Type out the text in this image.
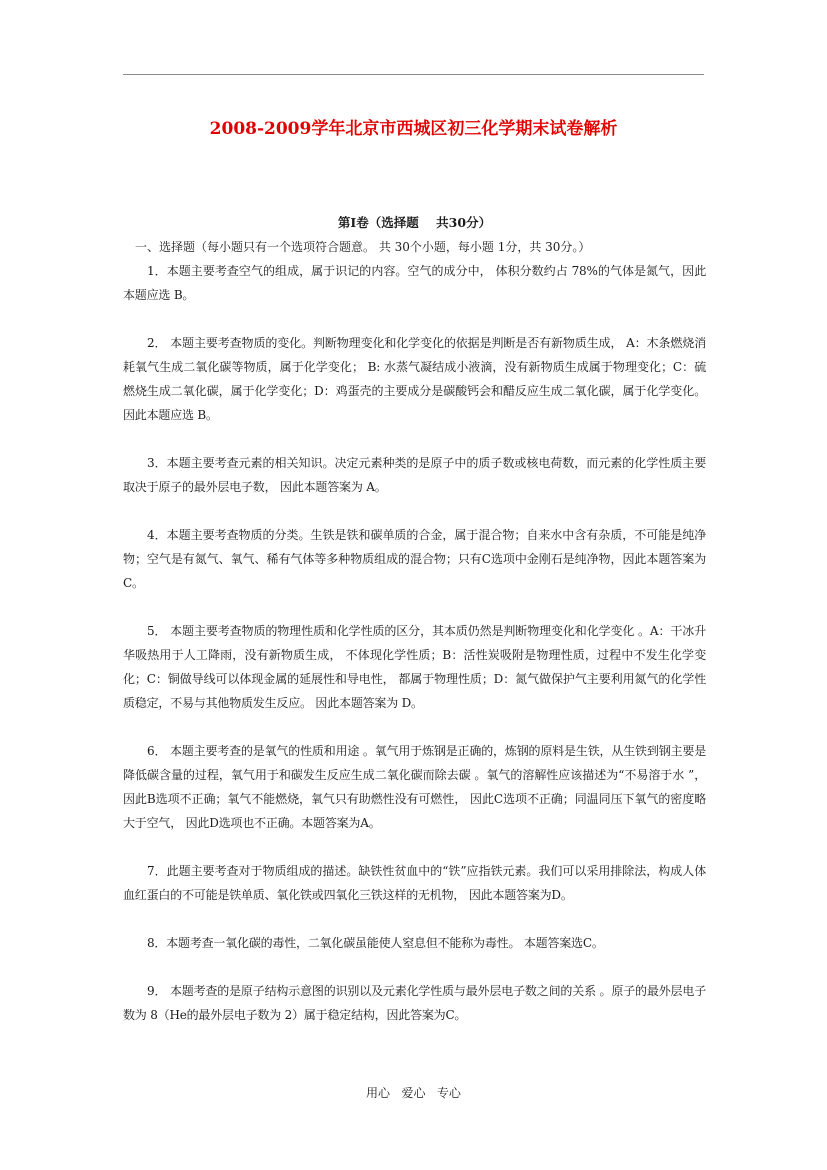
2008-2009学年北京市西城区初三化学期末试卷解析

第Ⅰ卷（选择题    共30分）

一、选择题（每小题只有一个选项符合题意。 共 30个小题，每小题 1分，共 30分。）

1．本题主要考查空气的组成，属于识记的内容。空气的成分中， 体积分数约占 78%的气体是氮气，因此本题应选 B。

2． 本题主要考查物质的变化。判断物理变化和化学变化的依据是判断是否有新物质生成， A：木条燃烧消耗氧气生成二氧化碳等物质，属于化学变化； B: 水蒸气凝结成小液滴，没有新物质生成属于物理变化；C：硫燃烧生成二氧化碳，属于化学变化；D：鸡蛋壳的主要成分是碳酸钙会和醋反应生成二氧化碳，属于化学变化。 因此本题应选 B。

3．本题主要考查元素的相关知识。决定元素种类的是原子中的质子数或核电荷数，而元素的化学性质主要取决于原子的最外层电子数， 因此本题答案为 A。

4．本题主要考查物质的分类。生铁是铁和碳单质的合金，属于混合物；自来水中含有杂质，不可能是纯净物；空气是有氮气、氧气、稀有气体等多种物质组成的混合物；只有C选项中金刚石是纯净物，因此本题答案为C。

5． 本题主要考查物质的物理性质和化学性质的区分，其本质仍然是判断物理变化和化学变化 。A：干冰升华吸热用于人工降雨，没有新物质生成， 不体现化学性质；B：活性炭吸附是物理性质，过程中不发生化学变化；C：铜做导线可以体现金属的延展性和导电性， 都属于物理性质；D：氮气做保护气主要利用氮气的化学性质稳定，不易与其他物质发生反应。 因此本题答案为 D。

6． 本题主要考查的是氧气的性质和用途 。氧气用于炼钢是正确的，炼钢的原料是生铁，从生铁到钢主要是降低碳含量的过程，氧气用于和碳发生反应生成二氧化碳而除去碳 。氧气的溶解性应该描述为“不易溶于水 ”，因此B选项不正确；氧气不能燃烧，氧气只有助燃性没有可燃性， 因此C选项不正确；同温同压下氧气的密度略大于空气， 因此D选项也不正确。本题答案为A。

7．此题主要考查对于物质组成的描述。缺铁性贫血中的“铁”应指铁元素。我们可以采用排除法，构成人体血红蛋白的不可能是铁单质、氧化铁或四氧化三铁这样的无机物， 因此本题答案为D。

8．本题考查一氧化碳的毒性，二氧化碳虽能使人窒息但不能称为毒性。 本题答案选C。

9． 本题考查的是原子结构示意图的识别以及元素化学性质与最外层电子数之间的关系 。原子的最外层电子数为 8（He的最外层电子数为 2）属于稳定结构，因此答案为C。

用心   爱心   专心
